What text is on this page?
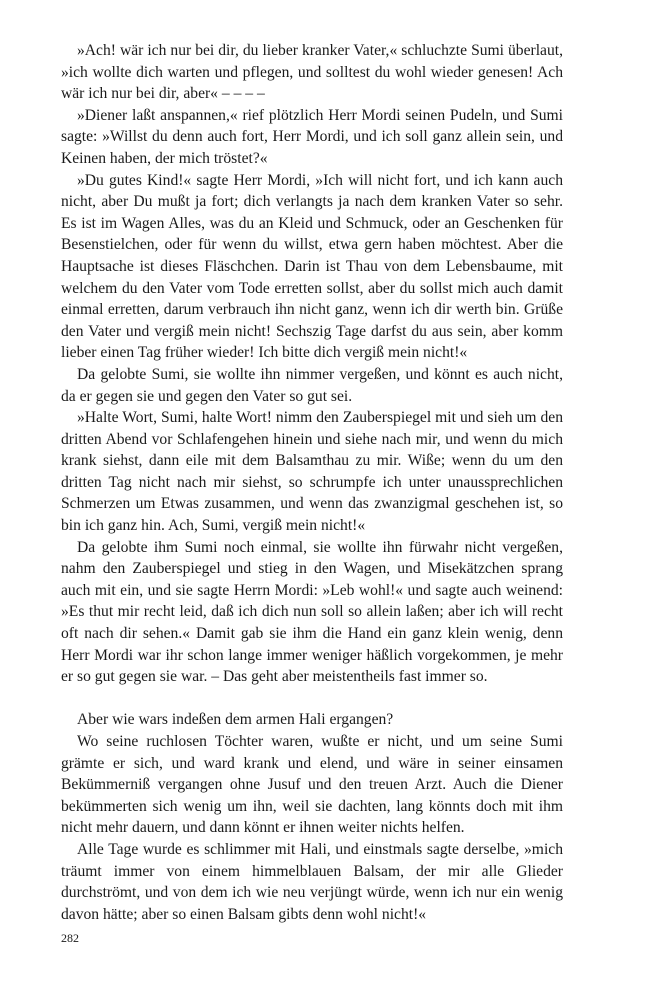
»Ach! wär ich nur bei dir, du lieber kranker Vater,« schluchzte Sumi überlaut, »ich wollte dich warten und pflegen, und solltest du wohl wieder genesen! Ach wär ich nur bei dir, aber« – – – –

»Diener laßt anspannen,« rief plötzlich Herr Mordi seinen Pudeln, und Sumi sagte: »Willst du denn auch fort, Herr Mordi, und ich soll ganz allein sein, und Keinen haben, der mich tröstet?«

»Du gutes Kind!« sagte Herr Mordi, »Ich will nicht fort, und ich kann auch nicht, aber Du mußt ja fort; dich verlangts ja nach dem kranken Vater so sehr. Es ist im Wagen Alles, was du an Kleid und Schmuck, oder an Geschenken für Besenstielchen, oder für wenn du willst, etwa gern haben möchtest. Aber die Hauptsache ist dieses Fläschchen. Darin ist Thau von dem Lebensbaume, mit welchem du den Vater vom Tode erretten sollst, aber du sollst mich auch damit einmal erretten, darum verbrauch ihn nicht ganz, wenn ich dir werth bin. Grüße den Vater und vergiß mein nicht! Sechszig Tage darfst du aus sein, aber komm lieber einen Tag früher wieder! Ich bitte dich vergiß mein nicht!«

Da gelobte Sumi, sie wollte ihn nimmer vergeßen, und könnt es auch nicht, da er gegen sie und gegen den Vater so gut sei.

»Halte Wort, Sumi, halte Wort! nimm den Zauberspiegel mit und sieh um den dritten Abend vor Schlafengehen hinein und siehe nach mir, und wenn du mich krank siehst, dann eile mit dem Balsamthau zu mir. Wiße; wenn du um den dritten Tag nicht nach mir siehst, so schrumpfe ich unter unaussprechlichen Schmerzen um Etwas zusammen, und wenn das zwanzigmal geschehen ist, so bin ich ganz hin. Ach, Sumi, vergiß mein nicht!«

Da gelobte ihm Sumi noch einmal, sie wollte ihn fürwahr nicht vergeßen, nahm den Zauberspiegel und stieg in den Wagen, und Misekätzchen sprang auch mit ein, und sie sagte Herrn Mordi: »Leb wohl!« und sagte auch weinend: »Es thut mir recht leid, daß ich dich nun soll so allein laßen; aber ich will recht oft nach dir sehen.« Damit gab sie ihm die Hand ein ganz klein wenig, denn Herr Mordi war ihr schon lange immer weniger häßlich vorgekommen, je mehr er so gut gegen sie war. – Das geht aber meistentheils fast immer so.

Aber wie wars indeßen dem armen Hali ergangen?

Wo seine ruchlosen Töchter waren, wußte er nicht, und um seine Sumi grämte er sich, und ward krank und elend, und wäre in seiner einsamen Bekümmerniß vergangen ohne Jusuf und den treuen Arzt. Auch die Diener bekümmerten sich wenig um ihn, weil sie dachten, lang könnts doch mit ihm nicht mehr dauern, und dann könnt er ihnen weiter nichts helfen.

Alle Tage wurde es schlimmer mit Hali, und einstmals sagte derselbe, »mich träumt immer von einem himmelblauen Balsam, der mir alle Glieder durchströmt, und von dem ich wie neu verjüngt würde, wenn ich nur ein wenig davon hätte; aber so einen Balsam gibts denn wohl nicht!«

282
